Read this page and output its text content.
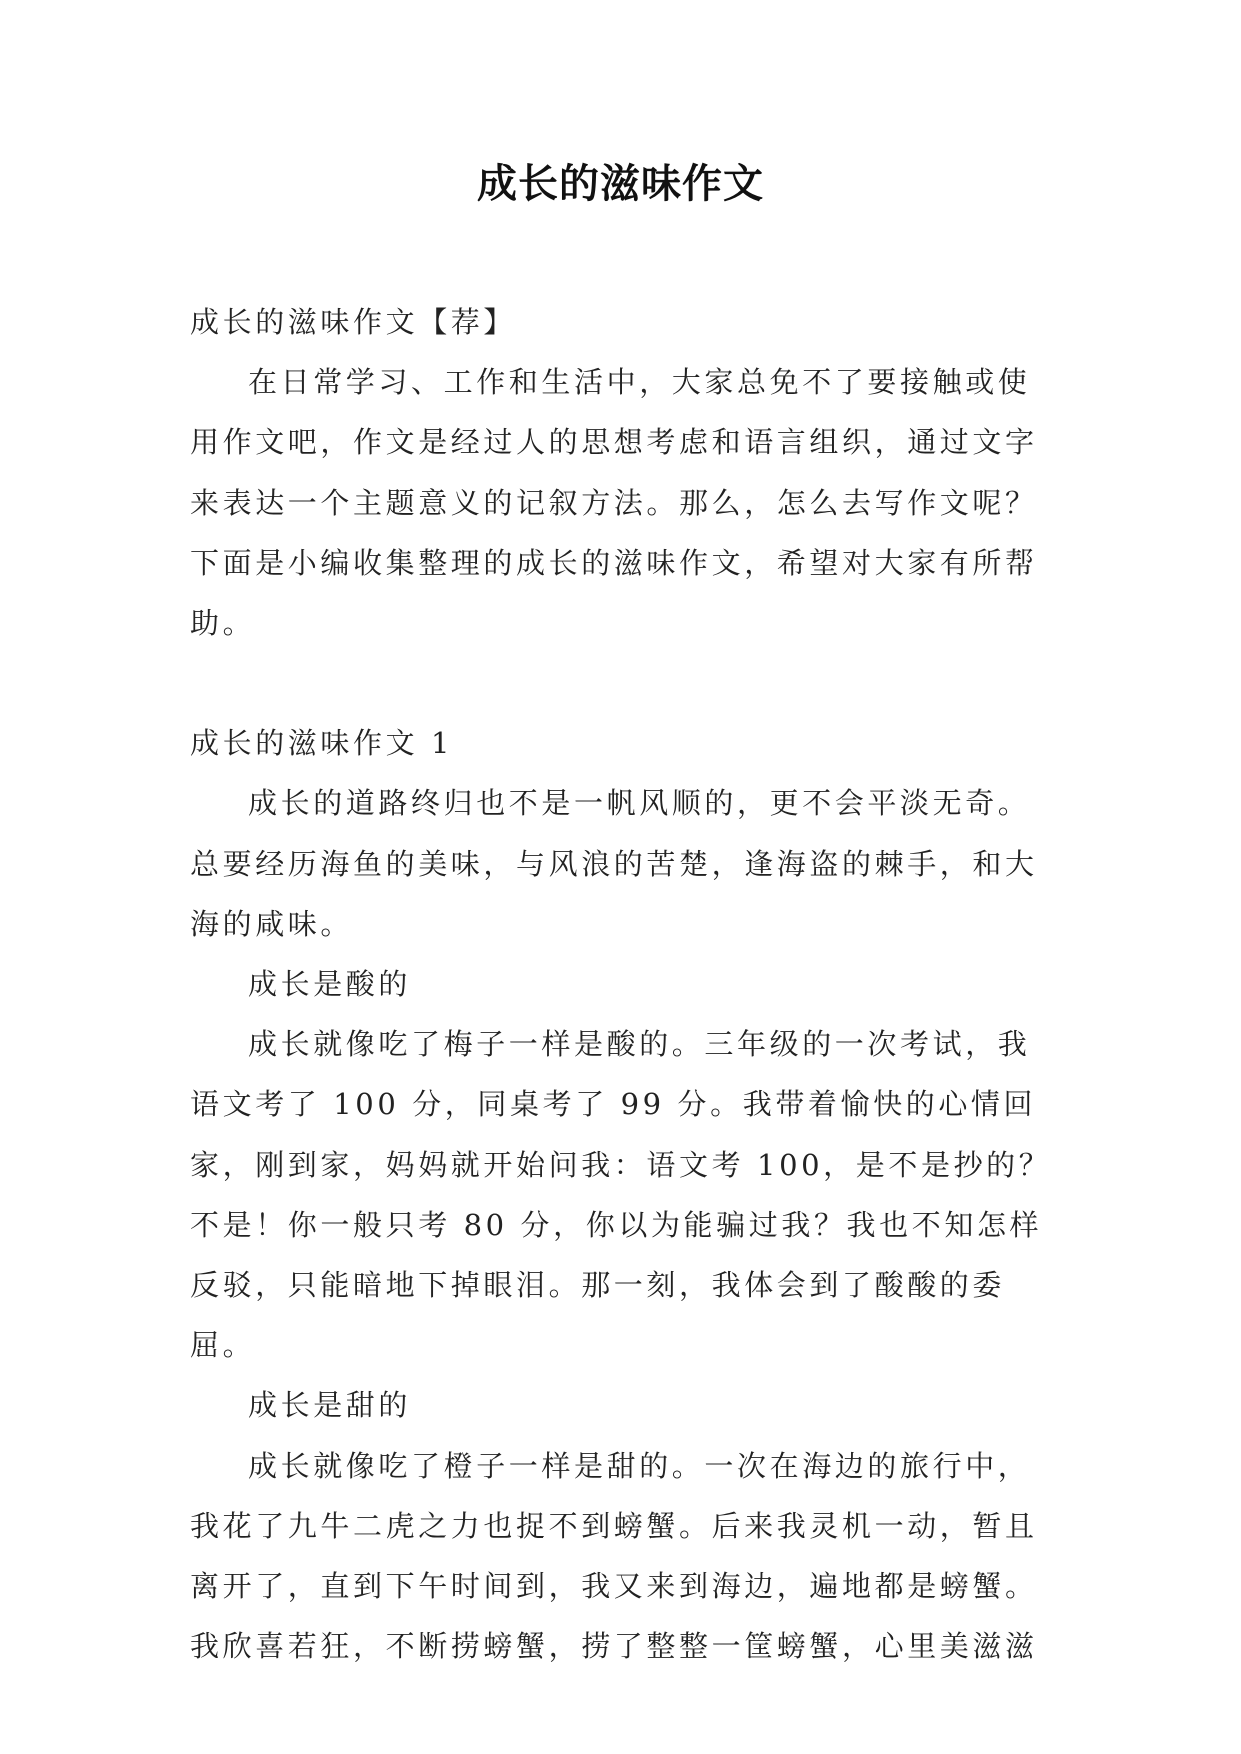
成长的滋味作文

成长的滋味作文【荐】

在日常学习、工作和生活中，大家总免不了要接触或使用作文吧，作文是经过人的思想考虑和语言组织，通过文字来表达一个主题意义的记叙方法。那么，怎么去写作文呢？下面是小编收集整理的成长的滋味作文，希望对大家有所帮助。

成长的滋味作文 1

成长的道路终归也不是一帆风顺的，更不会平淡无奇。总要经历海鱼的美味，与风浪的苦楚，逢海盗的棘手，和大海的咸味。

成长是酸的

成长就像吃了梅子一样是酸的。三年级的一次考试，我语文考了 100 分，同桌考了 99 分。我带着愉快的心情回家，刚到家，妈妈就开始问我：语文考 100，是不是抄的？不是！你一般只考 80 分，你以为能骗过我？我也不知怎样反驳，只能暗地下掉眼泪。那一刻，我体会到了酸酸的委屈。

成长是甜的

成长就像吃了橙子一样是甜的。一次在海边的旅行中，我花了九牛二虎之力也捉不到螃蟹。后来我灵机一动，暂且离开了，直到下午时间到，我又来到海边，遍地都是螃蟹。我欣喜若狂，不断捞螃蟹，捞了整整一筐螃蟹，心里美滋滋
